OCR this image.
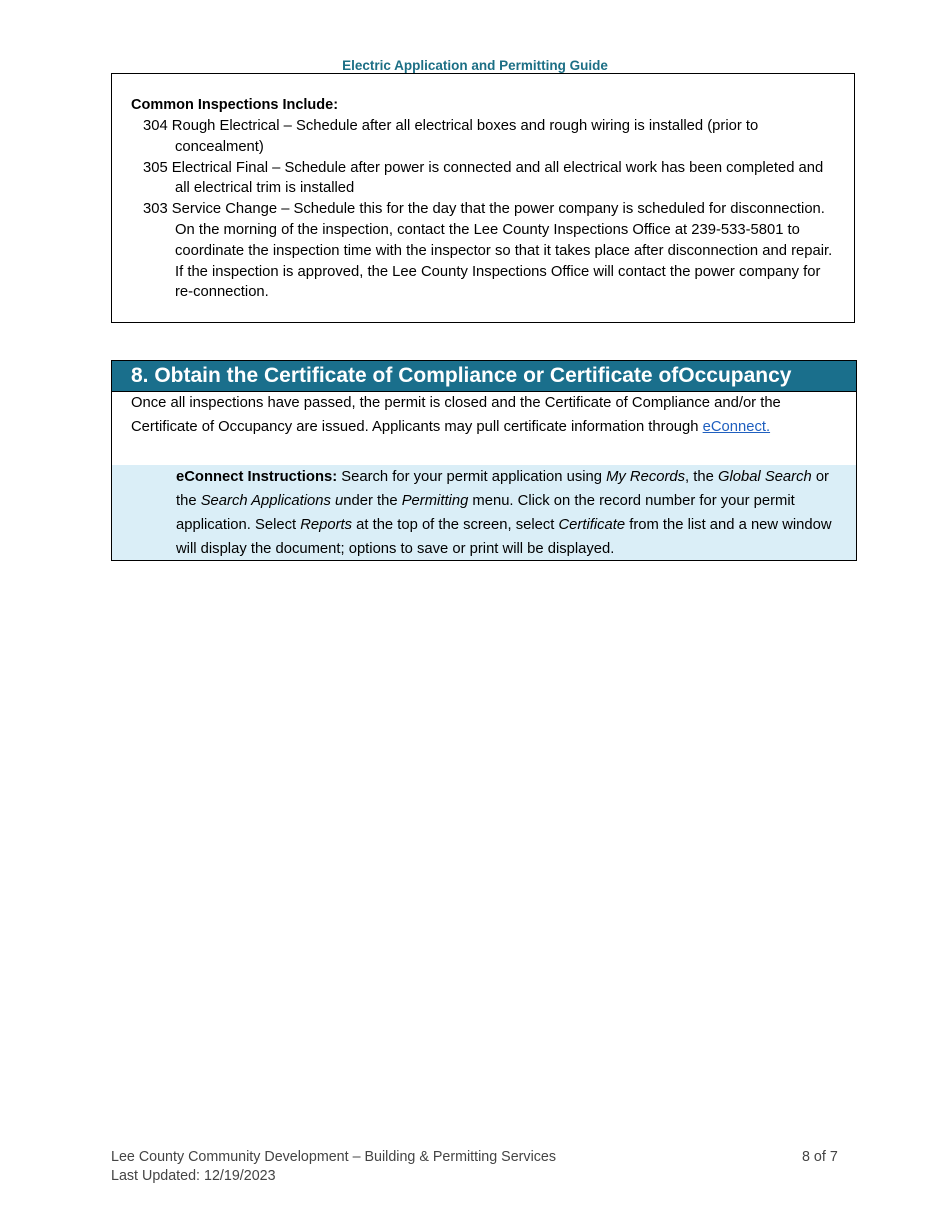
Electric Application and Permitting Guide
Common Inspections Include:
304 Rough Electrical – Schedule after all electrical boxes and rough wiring is installed (prior to concealment)
305 Electrical Final – Schedule after power is connected and all electrical work has been completed and all electrical trim is installed
303 Service Change – Schedule this for the day that the power company is scheduled for disconnection. On the morning of the inspection, contact the Lee County Inspections Office at 239-533-5801 to coordinate the inspection time with the inspector so that it takes place after disconnection and repair. If the inspection is approved, the Lee County Inspections Office will contact the power company for re-connection.
8. Obtain the Certificate of Compliance or Certificate ofOccupancy

Once all inspections have passed, the permit is closed and the Certificate of Compliance and/or the Certificate of Occupancy are issued. Applicants may pull certificate information through eConnect.

eConnect Instructions: Search for your permit application using My Records, the Global Search or the Search Applications under the Permitting menu. Click on the record number for your permit application. Select Reports at the top of the screen, select Certificate from the list and a new window will display the document; options to save or print will be displayed.

Lee County Community Development – Building & Permitting Services
Last Updated: 12/19/2023
8 of 7
